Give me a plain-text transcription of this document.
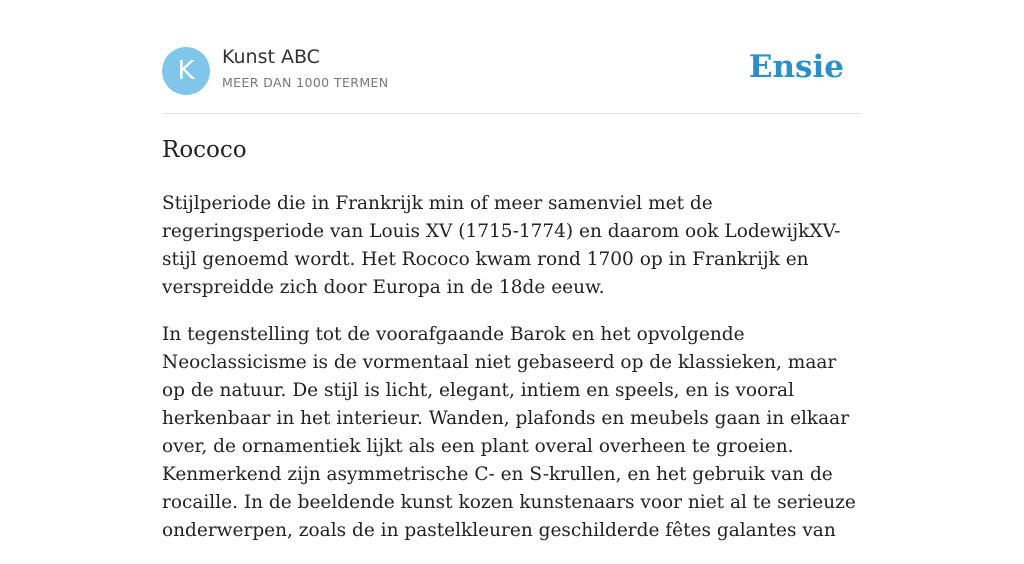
K	Kunst ABC
MEER DAN 1000 TERMEN	Ensie
Rococo

Stijlperiode die in Frankrijk min of meer samenviel met de regeringsperiode van Louis XV (1715-1774) en daarom ook LodewijkXV-stijl genoemd wordt. Het Rococo kwam rond 1700 op in Frankrijk en verspreidde zich door Europa in de 18de eeuw.

In tegenstelling tot de voorafgaande Barok en het opvolgende Neoclassicisme is de vormentaal niet gebaseerd op de klassieken, maar op de natuur. De stijl is licht, elegant, intiem en speels, en is vooral herkenbaar in het interieur. Wanden, plafonds en meubels gaan in elkaar over, de ornamentiek lijkt als een plant overal overheen te groeien. Kenmerkend zijn asymmetrische C- en S-krullen, en het gebruik van de rocaille. In de beeldende kunst kozen kunstenaars voor niet al te serieuze onderwerpen, zoals de in pastelkleuren geschilderde fêtes galantes van
